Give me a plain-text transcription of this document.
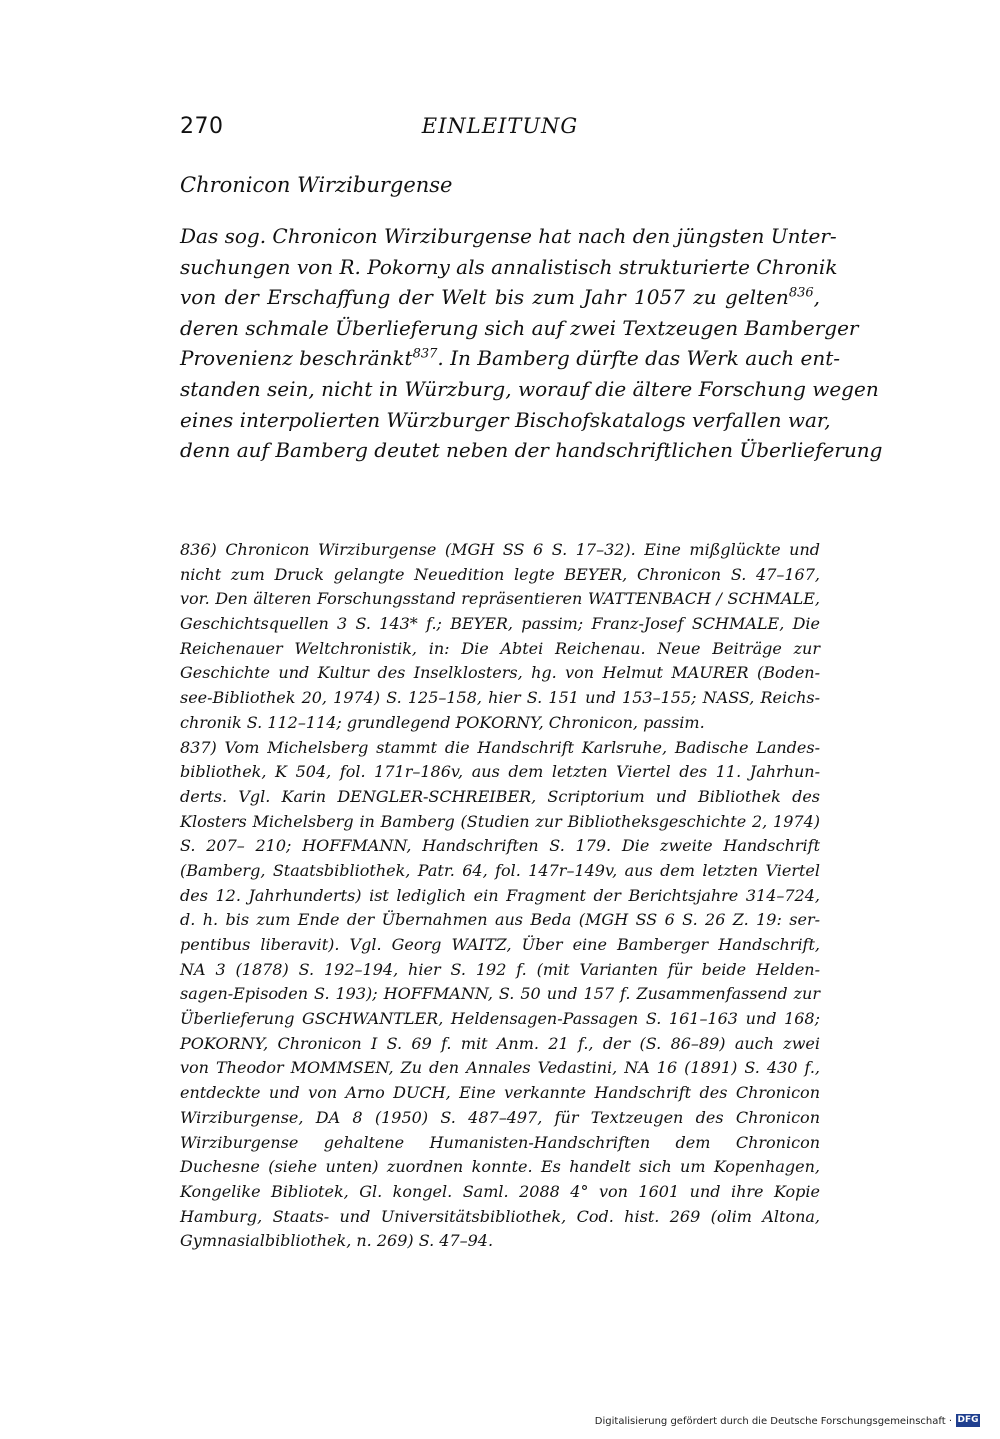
270	EINLEITUNG
Chronicon Wirziburgense
Das sog. Chronicon Wirziburgense hat nach den jüngsten Unter-
suchungen von R. Pokorny als annalistisch strukturierte Chronik
von der Erschaffung der Welt bis zum Jahr 1057 zu gelten$^{836}$,
deren schmale Überlieferung sich auf zwei Textzeugen Bamberger
Provenienz beschränkt$^{837}$. In Bamberg dürfte das Werk auch ent-
standen sein, nicht in Würzburg, worauf die ältere Forschung wegen
eines interpolierten Würzburger Bischofskatalogs verfallen war,
denn auf Bamberg deutet neben der handschriftlichen Überlieferung
836) Chronicon Wirziburgense (MGH SS 6 S. 17–32). Eine mißglückte und
nicht zum Druck gelangte Neuedition legte BEYER, Chronicon S. 47–167,
vor. Den älteren Forschungsstand repräsentieren WATTENBACH / SCHMALE,
Geschichtsquellen 3 S. 143* f.; BEYER, passim; Franz-Josef SCHMALE, Die
Reichenauer Weltchronistik, in: Die Abtei Reichenau. Neue Beiträge zur
Geschichte und Kultur des Inselklosters, hg. von Helmut MAURER (Boden-
see-Bibliothek 20, 1974) S. 125–158, hier S. 151 und 153–155; NASS, Reichs-
chronik S. 112–114; grundlegend POKORNY, Chronicon, passim.
837) Vom Michelsberg stammt die Handschrift Karlsruhe, Badische Landes-
bibliothek, K 504, fol. 171r–186v, aus dem letzten Viertel des 11. Jahrhun-
derts. Vgl. Karin DENGLER-SCHREIBER, Scriptorium und Bibliothek des
Klosters Michelsberg in Bamberg (Studien zur Bibliotheksgeschichte 2, 1974)
S. 207– 210; HOFFMANN, Handschriften S. 179. Die zweite Handschrift
(Bamberg, Staatsbibliothek, Patr. 64, fol. 147r–149v, aus dem letzten Viertel
des 12. Jahrhunderts) ist lediglich ein Fragment der Berichtsjahre 314–724,
d. h. bis zum Ende der Übernahmen aus Beda (MGH SS 6 S. 26 Z. 19: ser-
pentibus liberavit). Vgl. Georg WAITZ, Über eine Bamberger Handschrift,
NA 3 (1878) S. 192–194, hier S. 192 f. (mit Varianten für beide Helden-
sagen-Episoden S. 193); HOFFMANN, S. 50 und 157 f. Zusammenfassend zur
Überlieferung GSCHWANTLER, Heldensagen-Passagen S. 161–163 und 168;
POKORNY, Chronicon I S. 69 f. mit Anm. 21 f., der (S. 86–89) auch zwei
von Theodor MOMMSEN, Zu den Annales Vedastini, NA 16 (1891) S. 430 f.,
entdeckte und von Arno DUCH, Eine verkannte Handschrift des Chronicon
Wirziburgense, DA 8 (1950) S. 487–497, für Textzeugen des Chronicon
Wirziburgense gehaltene Humanisten-Handschriften dem Chronicon
Duchesne (siehe unten) zuordnen konnte. Es handelt sich um Kopenhagen,
Kongelike Bibliotek, Gl. kongel. Saml. 2088 4° von 1601 und ihre Kopie
Hamburg, Staats- und Universitätsbibliothek, Cod. hist. 269 (olim Altona,
Gymnasialbibliothek, n. 269) S. 47–94.
Digitalisierung gefördert durch die Deutsche Forschungsgemeinschaft · DFG
